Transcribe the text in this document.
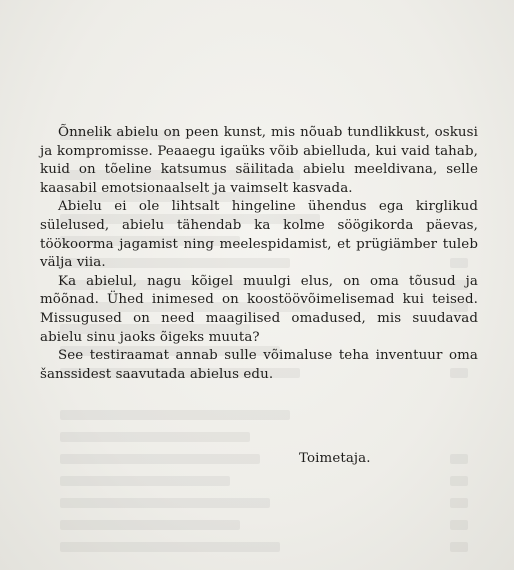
Õnnelik abielu on peen kunst, mis nõuab tundlikkust, oskusi ja kompromisse. Peaaegu igaüks võib abielluda, kui vaid tahab, kuid on tõeline katsumus säilitada abielu meeldivana, selle kaasabil emotsionaalselt ja vaimselt kasvada.

Abielu ei ole lihtsalt hingeline ühendus ega kirglikud sülelused, abielu tähendab ka kolme söögikorda päevas, töökoorma jagamist ning meelespidamist, et prügiämber tuleb välja viia.

Ka abielul, nagu kõigel muulgi elus, on oma tõusud ja mõõnad. Ühed inimesed on koostöövõimelisemad kui teised. Missugused on need maagilised omadused, mis suudavad abielu sinu jaoks õigeks muuta?

See testiraamat annab sulle võimaluse teha inventuur oma šanssidest saavutada abielus edu.

Toimetaja.
